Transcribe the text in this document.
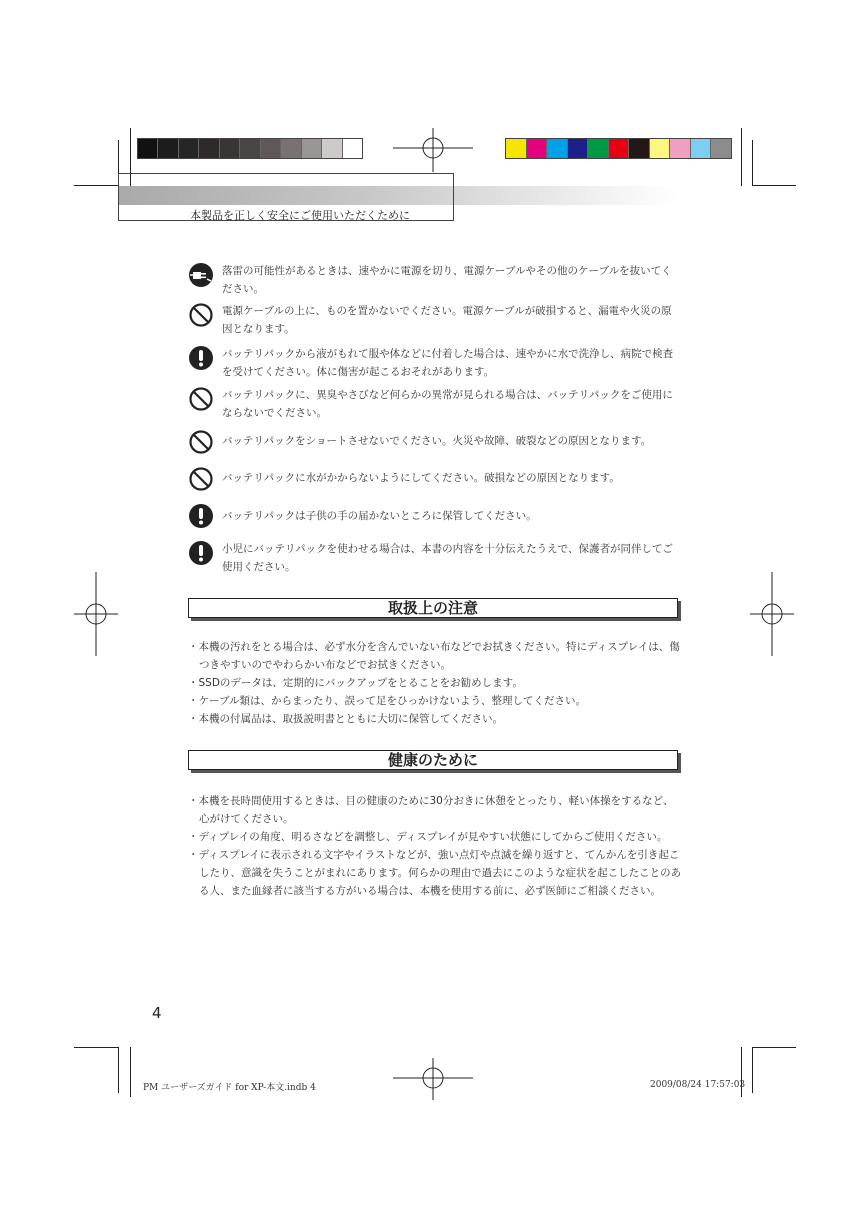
本製品を正しく安全にご使用いただくために
落雷の可能性があるときは、速やかに電源を切り、電源ケーブルやその他のケーブルを抜いてください。
電源ケーブルの上に、ものを置かないでください。電源ケーブルが破損すると、漏電や火災の原因となります。
バッテリパックから液がもれて服や体などに付着した場合は、速やかに水で洗浄し、病院で検査を受けてください。体に傷害が起こるおそれがあります。
バッテリパックに、異臭やさびなど何らかの異常が見られる場合は、バッテリパックをご使用にならないでください。
バッテリパックをショートさせないでください。火災や故障、破裂などの原因となります。
バッテリパックに水がかからないようにしてください。破損などの原因となります。
バッテリパックは子供の手の届かないところに保管してください。
小児にバッテリパックを使わせる場合は、本書の内容を十分伝えたうえで、保護者が同伴してご使用ください。
取扱上の注意
・本機の汚れをとる場合は、必ず水分を含んでいない布などでお拭きください。特にディスプレイは、傷つきやすいのでやわらかい布などでお拭きください。
・SSDのデータは、定期的にバックアップをとることをお勧めします。
・ケーブル類は、からまったり、誤って足をひっかけないよう、整理してください。
・本機の付属品は、取扱説明書とともに大切に保管してください。
健康のために
・本機を長時間使用するときは、目の健康のために30分おきに休憩をとったり、軽い体操をするなど、心がけてください。
・ディプレイの角度、明るさなどを調整し、ディスプレイが見やすい状態にしてからご使用ください。
・ディスプレイに表示される文字やイラストなどが、強い点灯や点滅を繰り返すと、てんかんを引き起こしたり、意識を失うことがまれにあります。何らかの理由で過去にこのような症状を起こしたことのある人、また血縁者に該当する方がいる場合は、本機を使用する前に、必ず医師にご相談ください。
4
PM ユーザーズガイド for XP-本文.indb 4	2009/08/24 17:57:03
